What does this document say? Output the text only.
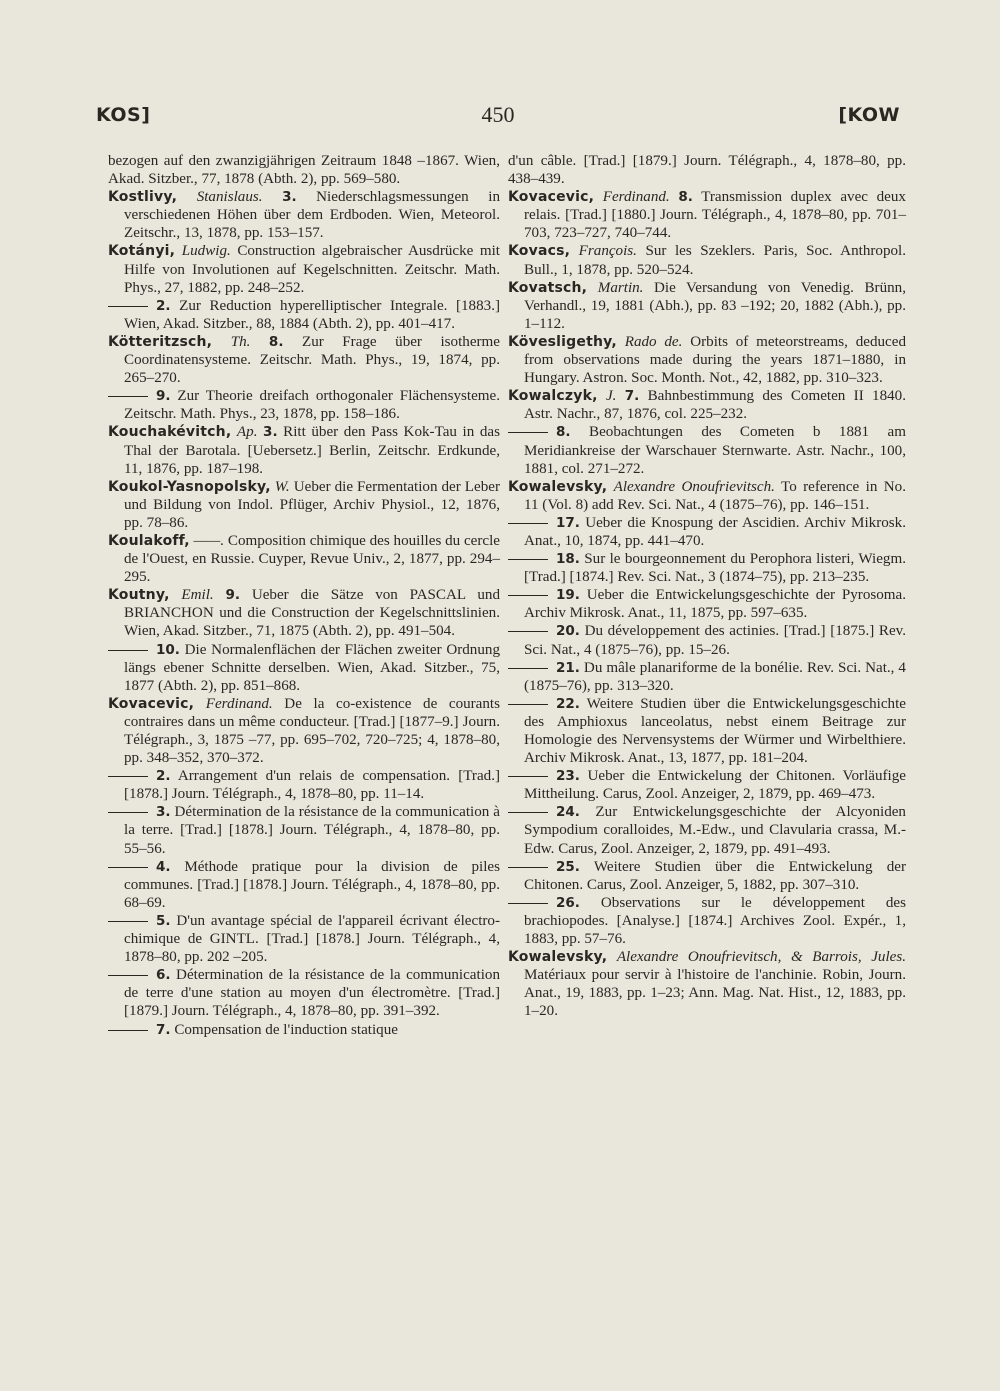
KOS]	450	[KOW

bezogen auf den zwanzigjährigen Zeitraum 1848 –1867. Wien, Akad. Sitzber., 77, 1878 (Abth. 2), pp. 569–580.

Kostlivy, Stanislaus. 3. Niederschlagsmessungen in verschiedenen Höhen über dem Erdboden. Wien, Meteorol. Zeitschr., 13, 1878, pp. 153–157.

Kotányi, Ludwig. Construction algebraischer Ausdrücke mit Hilfe von Involutionen auf Kegelschnitten. Zeitschr. Math. Phys., 27, 1882, pp. 248–252.

2. Zur Reduction hyperelliptischer Integrale. [1883.] Wien, Akad. Sitzber., 88, 1884 (Abth. 2), pp. 401–417.

Kötteritzsch, Th. 8. Zur Frage über isotherme Coordinatensysteme. Zeitschr. Math. Phys., 19, 1874, pp. 265–270.

9. Zur Theorie dreifach orthogonaler Flächensysteme. Zeitschr. Math. Phys., 23, 1878, pp. 158–186.

Kouchakévitch, Ap. 3. Ritt über den Pass Kok-Tau in das Thal der Barotala. [Uebersetz.] Berlin, Zeitschr. Erdkunde, 11, 1876, pp. 187–198.

Koukol-Yasnopolsky, W. Ueber die Fermentation der Leber und Bildung von Indol. Pflüger, Archiv Physiol., 12, 1876, pp. 78–86.

Koulakoff, ——. Composition chimique des houilles du cercle de l'Ouest, en Russie. Cuyper, Revue Univ., 2, 1877, pp. 294–295.

Koutny, Emil. 9. Ueber die Sätze von PASCAL und BRIANCHON und die Construction der Kegelschnittslinien. Wien, Akad. Sitzber., 71, 1875 (Abth. 2), pp. 491–504.

10. Die Normalenflächen der Flächen zweiter Ordnung längs ebener Schnitte derselben. Wien, Akad. Sitzber., 75, 1877 (Abth. 2), pp. 851–868.

Kovacevic, Ferdinand. De la co-existence de courants contraires dans un même conducteur. [Trad.] [1877–9.] Journ. Télégraph., 3, 1875 –77, pp. 695–702, 720–725; 4, 1878–80, pp. 348–352, 370–372.

2. Arrangement d'un relais de compensation. [Trad.] [1878.] Journ. Télégraph., 4, 1878–80, pp. 11–14.

3. Détermination de la résistance de la communication à la terre. [Trad.] [1878.] Journ. Télégraph., 4, 1878–80, pp. 55–56.

4. Méthode pratique pour la division de piles communes. [Trad.] [1878.] Journ. Télégraph., 4, 1878–80, pp. 68–69.

5. D'un avantage spécial de l'appareil écrivant électro-chimique de GINTL. [Trad.] [1878.] Journ. Télégraph., 4, 1878–80, pp. 202 –205.

6. Détermination de la résistance de la communication de terre d'une station au moyen d'un électromètre. [Trad.] [1879.] Journ. Télégraph., 4, 1878–80, pp. 391–392.

7. Compensation de l'induction statique

d'un câble. [Trad.] [1879.] Journ. Télégraph., 4, 1878–80, pp. 438–439.

Kovacevic, Ferdinand. 8. Transmission duplex avec deux relais. [Trad.] [1880.] Journ. Télégraph., 4, 1878–80, pp. 701–703, 723–727, 740–744.

Kovacs, François. Sur les Szeklers. Paris, Soc. Anthropol. Bull., 1, 1878, pp. 520–524.

Kovatsch, Martin. Die Versandung von Venedig. Brünn, Verhandl., 19, 1881 (Abh.), pp. 83 –192; 20, 1882 (Abh.), pp. 1–112.

Kövesligethy, Rado de. Orbits of meteorstreams, deduced from observations made during the years 1871–1880, in Hungary. Astron. Soc. Month. Not., 42, 1882, pp. 310–323.

Kowalczyk, J. 7. Bahnbestimmung des Cometen II 1840. Astr. Nachr., 87, 1876, col. 225–232.

8. Beobachtungen des Cometen b 1881 am Meridiankreise der Warschauer Sternwarte. Astr. Nachr., 100, 1881, col. 271–272.

Kowalevsky, Alexandre Onoufrievitsch. To reference in No. 11 (Vol. 8) add Rev. Sci. Nat., 4 (1875–76), pp. 146–151.

17. Ueber die Knospung der Ascidien. Archiv Mikrosk. Anat., 10, 1874, pp. 441–470.

18. Sur le bourgeonnement du Perophora listeri, Wiegm. [Trad.] [1874.] Rev. Sci. Nat., 3 (1874–75), pp. 213–235.

19. Ueber die Entwickelungsgeschichte der Pyrosoma. Archiv Mikrosk. Anat., 11, 1875, pp. 597–635.

20. Du développement des actinies. [Trad.] [1875.] Rev. Sci. Nat., 4 (1875–76), pp. 15–26.

21. Du mâle planariforme de la bonélie. Rev. Sci. Nat., 4 (1875–76), pp. 313–320.

22. Weitere Studien über die Entwickelungsgeschichte des Amphioxus lanceolatus, nebst einem Beitrage zur Homologie des Nervensystems der Würmer und Wirbelthiere. Archiv Mikrosk. Anat., 13, 1877, pp. 181–204.

23. Ueber die Entwickelung der Chitonen. Vorläufige Mittheilung. Carus, Zool. Anzeiger, 2, 1879, pp. 469–473.

24. Zur Entwickelungsgeschichte der Alcyoniden Sympodium coralloides, M.-Edw., und Clavularia crassa, M.-Edw. Carus, Zool. Anzeiger, 2, 1879, pp. 491–493.

25. Weitere Studien über die Entwickelung der Chitonen. Carus, Zool. Anzeiger, 5, 1882, pp. 307–310.

26. Observations sur le développement des brachiopodes. [Analyse.] [1874.] Archives Zool. Expér., 1, 1883, pp. 57–76.

Kowalevsky, Alexandre Onoufrievitsch, & Barrois, Jules. Matériaux pour servir à l'histoire de l'anchinie. Robin, Journ. Anat., 19, 1883, pp. 1–23; Ann. Mag. Nat. Hist., 12, 1883, pp. 1–20.
